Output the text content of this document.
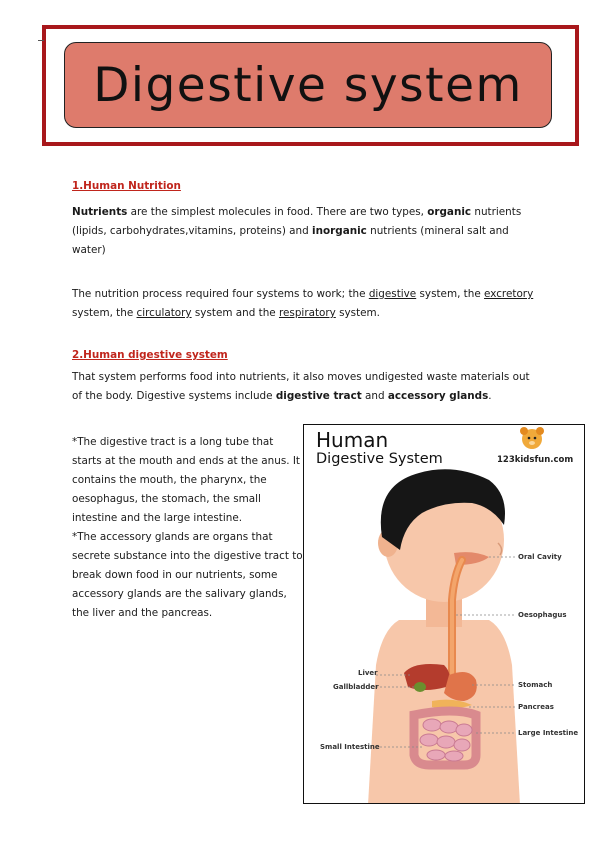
Digestive system
1.Human Nutrition
Nutrients are the simplest molecules in food. There are two types, organic nutrients (lipids, carbohydrates,vitamins, proteins) and inorganic nutrients (mineral salt and water)
The nutrition process required four systems to work; the digestive system, the excretory system, the circulatory system and the respiratory system.
2.Human digestive system
That system performs food into nutrients, it also moves undigested waste materials out of the body. Digestive systems include digestive tract and accessory glands.
*The digestive tract is a long tube that starts at the mouth and ends at the anus. It contains the mouth, the pharynx, the oesophagus, the stomach, the small intestine and the large intestine.
*The accessory glands are organs that secrete substance into the digestive tract to break down food in our nutrients, some accessory glands are the salivary glands, the liver and the pancreas.
Human
Digestive System	123kidsfun.com
Oral Cavity
Oesophagus
Liver
Gallbladder	Stomach
Pancreas
Large Intestine
Small Intestine
